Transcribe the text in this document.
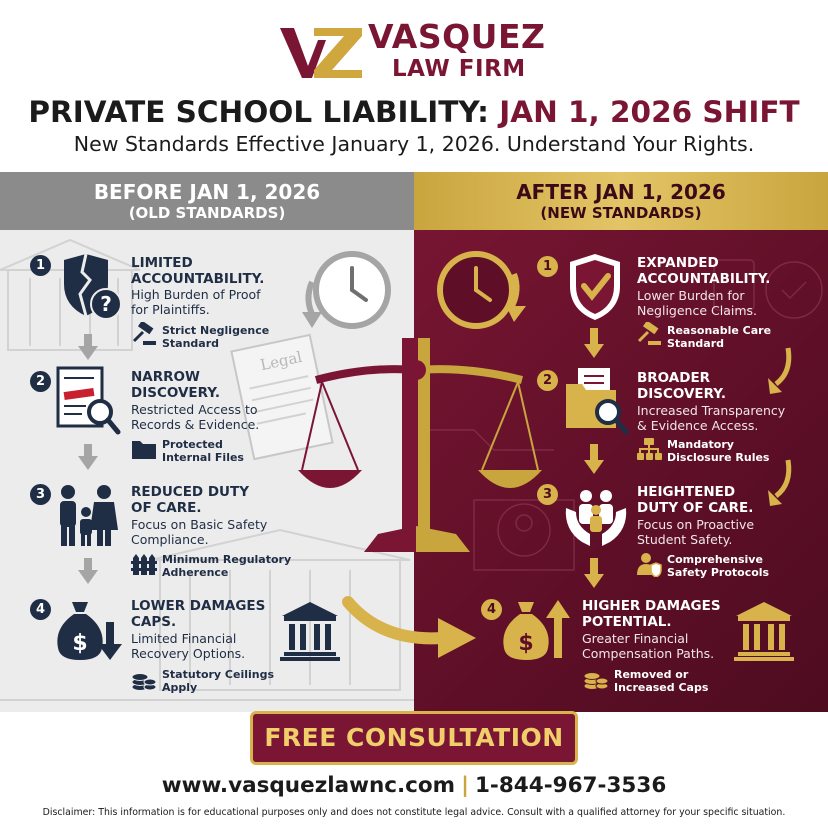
VASQUEZ
LAW FIRM
PRIVATE SCHOOL LIABILITY: JAN 1, 2026 SHIFT
New Standards Effective January 1, 2026. Understand Your Rights.
BEFORE JAN 1, 2026
(OLD STANDARDS)
AFTER JAN 1, 2026
(NEW STANDARDS)
Legal
1
?
LIMITED
ACCOUNTABILITY.
High Burden of Proof
for Plaintiffs.
Strict Negligence
Standard
2	NARROW
DISCOVERY.
Restricted Access to
Records & Evidence.
Protected
Internal Files
3	REDUCED DUTY
OF CARE.
Focus on Basic Safety
Compliance.
Minimum Regulatory
Adherence
4
$
LOWER DAMAGES
CAPS.
Limited Financial
Recovery Options.
Statutory Ceilings
Apply
1	EXPANDED
ACCOUNTABILITY.
Lower Burden for
Negligence Claims.
Reasonable Care
Standard
2	BROADER
DISCOVERY.
Increased Transparency
& Evidence Access.
Mandatory
Disclosure Rules
3	HEIGHTENED
DUTY OF CARE.
Focus on Proactive
Student Safety.
Comprehensive
Safety Protocols
4
$
HIGHER DAMAGES
POTENTIAL.
Greater Financial
Compensation Paths.
Removed or
Increased Caps
FREE CONSULTATION
www.vasquezlawnc.com | 1-844-967-3536
Disclaimer: This information is for educational purposes only and does not constitute legal advice. Consult with a qualified attorney for your specific situation.
